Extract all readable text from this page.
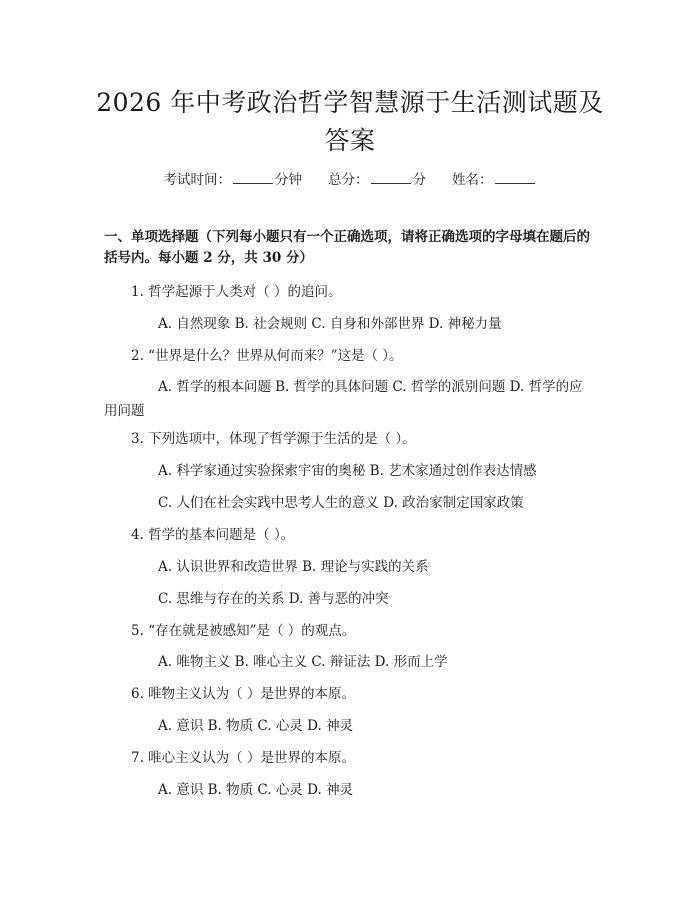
2026 年中考政治哲学智慧源于生活测试题及答案
考试时间：	分钟 总分：	分 姓名：
一、单项选择题（下列每小题只有一个正确选项，请将正确选项的字母填在题后的括号内。每小题 2 分，共 30 分）
1. 哲学起源于人类对（ ）的追问。
A. 自然现象 B. 社会规则 C. 自身和外部世界 D. 神秘力量
2. “世界是什么？世界从何而来？”这是（ ）。
A. 哲学的根本问题 B. 哲学的具体问题 C. 哲学的派别问题 D. 哲学的应用问题
3. 下列选项中，体现了哲学源于生活的是（ ）。
A. 科学家通过实验探索宇宙的奥秘 B. 艺术家通过创作表达情感
C. 人们在社会实践中思考人生的意义 D. 政治家制定国家政策
4. 哲学的基本问题是（ ）。
A. 认识世界和改造世界 B. 理论与实践的关系
C. 思维与存在的关系 D. 善与恶的冲突
5. “存在就是被感知”是（ ）的观点。
A. 唯物主义 B. 唯心主义 C. 辩证法 D. 形而上学
6. 唯物主义认为（ ）是世界的本原。
A. 意识 B. 物质 C. 心灵 D. 神灵
7. 唯心主义认为（ ）是世界的本原。
A. 意识 B. 物质 C. 心灵 D. 神灵
